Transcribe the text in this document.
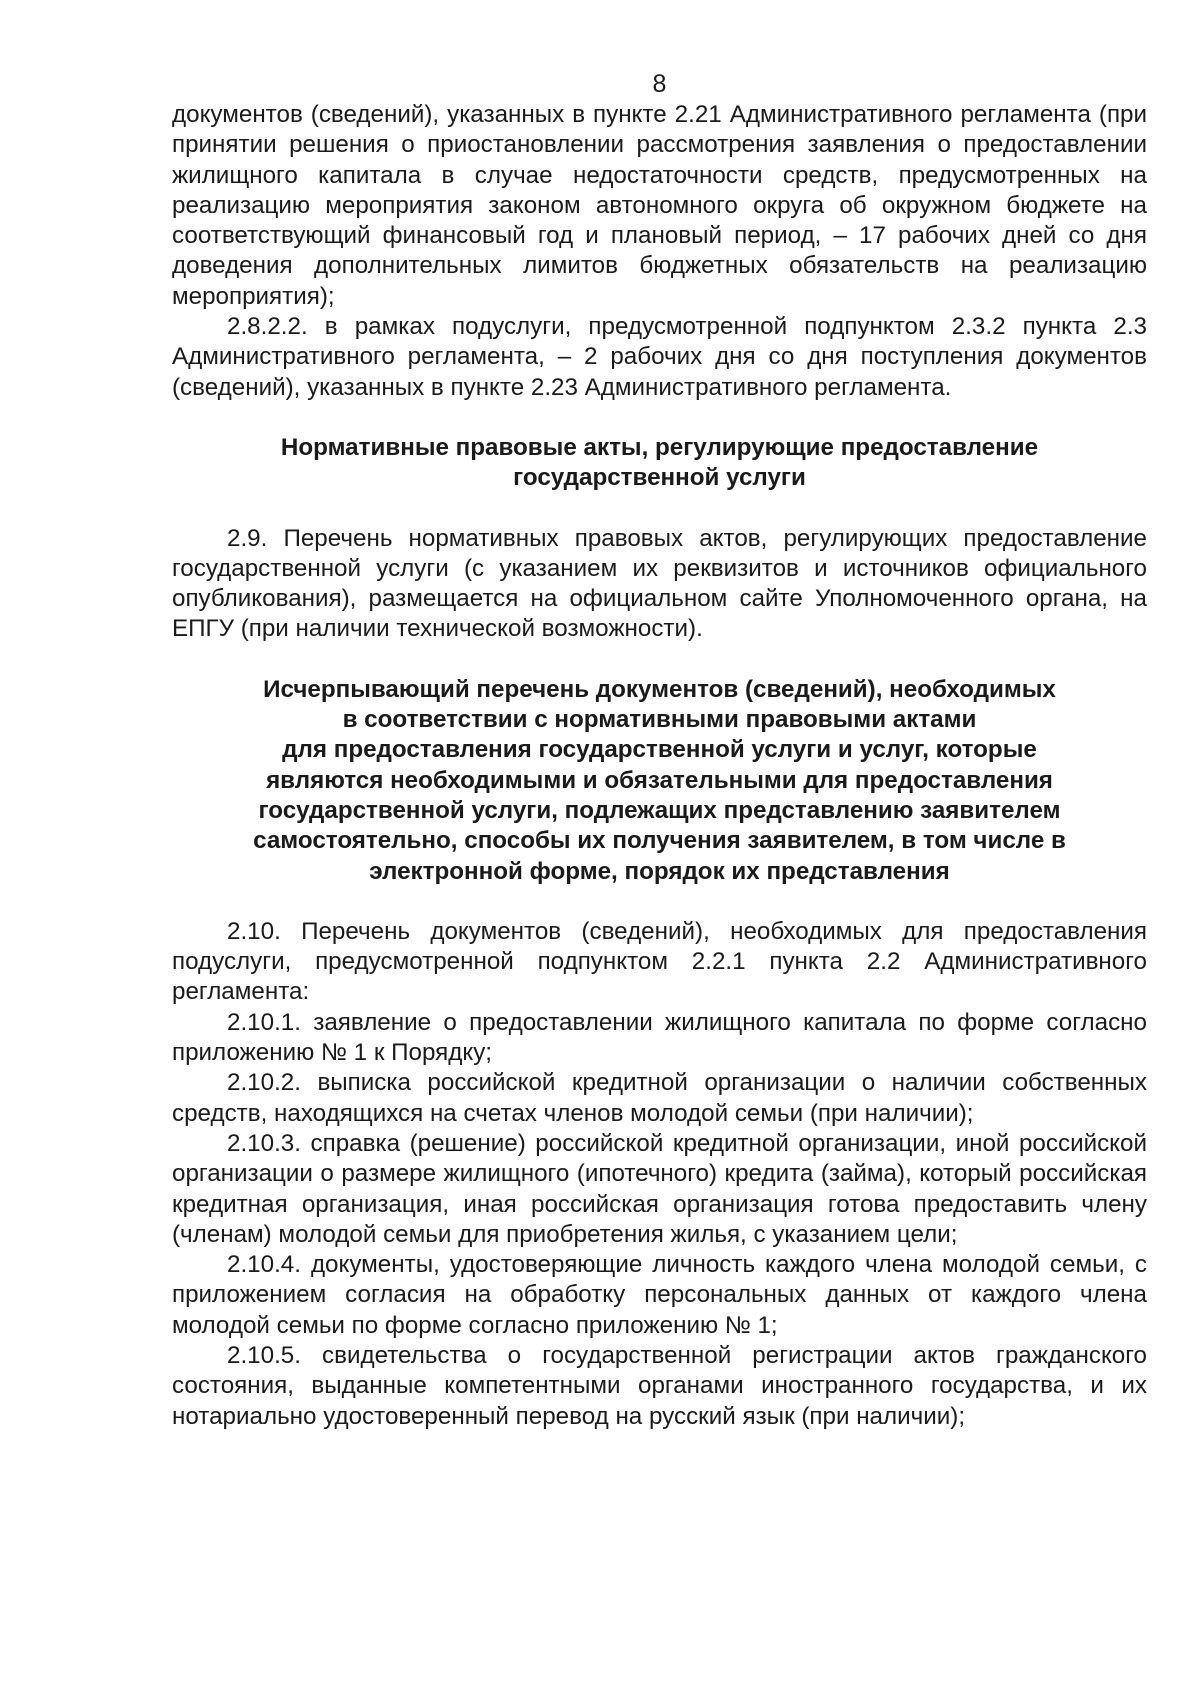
8

документов (сведений), указанных в пункте 2.21 Административного регламента (при принятии решения о приостановлении рассмотрения заявления о предоставлении жилищного капитала в случае недостаточности средств, предусмотренных на реализацию мероприятия законом автономного округа об окружном бюджете на соответствующий финансовый год и плановый период, – 17 рабочих дней со дня доведения дополнительных лимитов бюджетных обязательств на реализацию мероприятия);

2.8.2.2. в рамках подуслуги, предусмотренной подпунктом 2.3.2 пункта 2.3 Административного регламента, – 2 рабочих дня со дня поступления документов (сведений), указанных в пункте 2.23 Административного регламента.

Нормативные правовые акты, регулирующие предоставление
государственной услуги

2.9. Перечень нормативных правовых актов, регулирующих предоставление государственной услуги (с указанием их реквизитов и источников официального опубликования), размещается на официальном сайте Уполномоченного органа, на ЕПГУ (при наличии технической возможности).

Исчерпывающий перечень документов (сведений), необходимых
в соответствии с нормативными правовыми актами
для предоставления государственной услуги и услуг, которые
являются необходимыми и обязательными для предоставления
государственной услуги, подлежащих представлению заявителем
самостоятельно, способы их получения заявителем, в том числе в
электронной форме, порядок их представления

2.10. Перечень документов (сведений), необходимых для предоставления подуслуги, предусмотренной подпунктом 2.2.1 пункта 2.2 Административного регламента:

2.10.1. заявление о предоставлении жилищного капитала по форме согласно приложению № 1 к Порядку;

2.10.2. выписка российской кредитной организации о наличии собственных средств, находящихся на счетах членов молодой семьи (при наличии);

2.10.3. справка (решение) российской кредитной организации, иной российской организации о размере жилищного (ипотечного) кредита (займа), который российская кредитная организация, иная российская организация готова предоставить члену (членам) молодой семьи для приобретения жилья, с указанием цели;

2.10.4. документы, удостоверяющие личность каждого члена молодой семьи, с приложением согласия на обработку персональных данных от каждого члена молодой семьи по форме согласно приложению № 1;

2.10.5. свидетельства о государственной регистрации актов гражданского состояния, выданные компетентными органами иностранного государства, и их нотариально удостоверенный перевод на русский язык (при наличии);
